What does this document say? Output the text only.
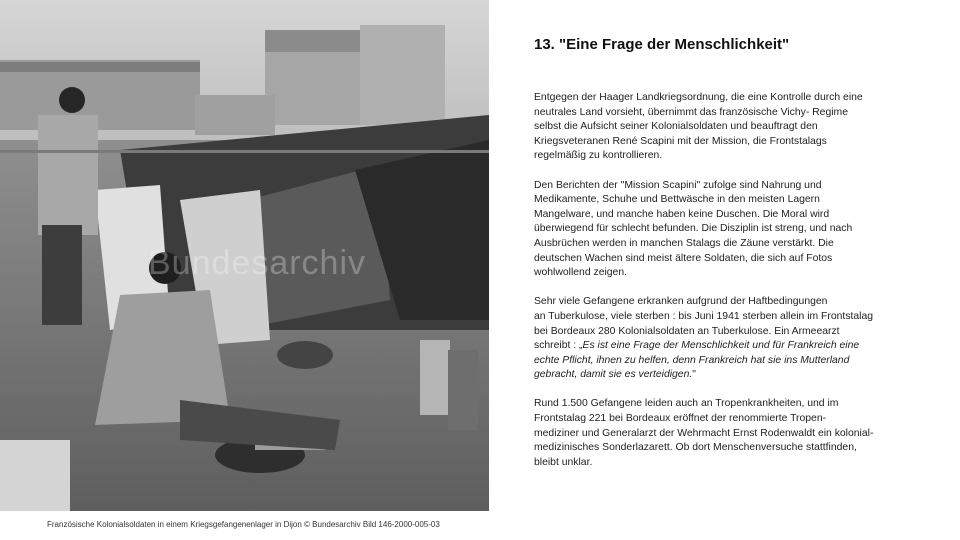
Bundesarchiv
Französische Kolonialsoldaten in einem Kriegsgefangenenlager in Dijon © Bundesarchiv Bild 146-2000-005-03
13. "Eine Frage der Menschlichkeit"

Entgegen der Haager Landkriegsordnung, die eine Kontrolle durch eine
neutrales Land vorsieht, übernimmt das französische Vichy- Regime
selbst die Aufsicht seiner Kolonialsoldaten und beauftragt den
Kriegsveteranen René Scapini mit der Mission, die Frontstalags
regelmäßig zu kontrollieren.

Den Berichten der "Mission Scapini" zufolge sind Nahrung und
Medikamente, Schuhe und Bettwäsche in den meisten Lagern
Mangelware, und manche haben keine Duschen. Die Moral wird
überwiegend für schlecht befunden. Die Disziplin ist streng, und nach
Ausbrüchen werden in manchen Stalags die Zäune verstärkt. Die
deutschen Wachen sind meist ältere Soldaten, die sich auf Fotos
wohlwollend zeigen.

Sehr viele Gefangene erkranken aufgrund der Haftbedingungen
an Tuberkulose, viele sterben : bis Juni 1941 sterben allein im Frontstalag
bei Bordeaux 280 Kolonialsoldaten an Tuberkulose. Ein Armeearzt
schreibt : „Es ist eine Frage der Menschlichkeit und für Frankreich eine
echte Pflicht, ihnen zu helfen, denn Frankreich hat sie ins Mutterland
gebracht, damit sie es verteidigen."

Rund 1.500 Gefangene leiden auch an Tropenkrankheiten, und im
Frontstalag 221 bei Bordeaux eröffnet der renommierte Tropen-
mediziner und Generalarzt der Wehrmacht Ernst Rodenwaldt ein kolonial-
medizinisches Sonderlazarett. Ob dort Menschenversuche stattfinden,
bleibt unklar.
